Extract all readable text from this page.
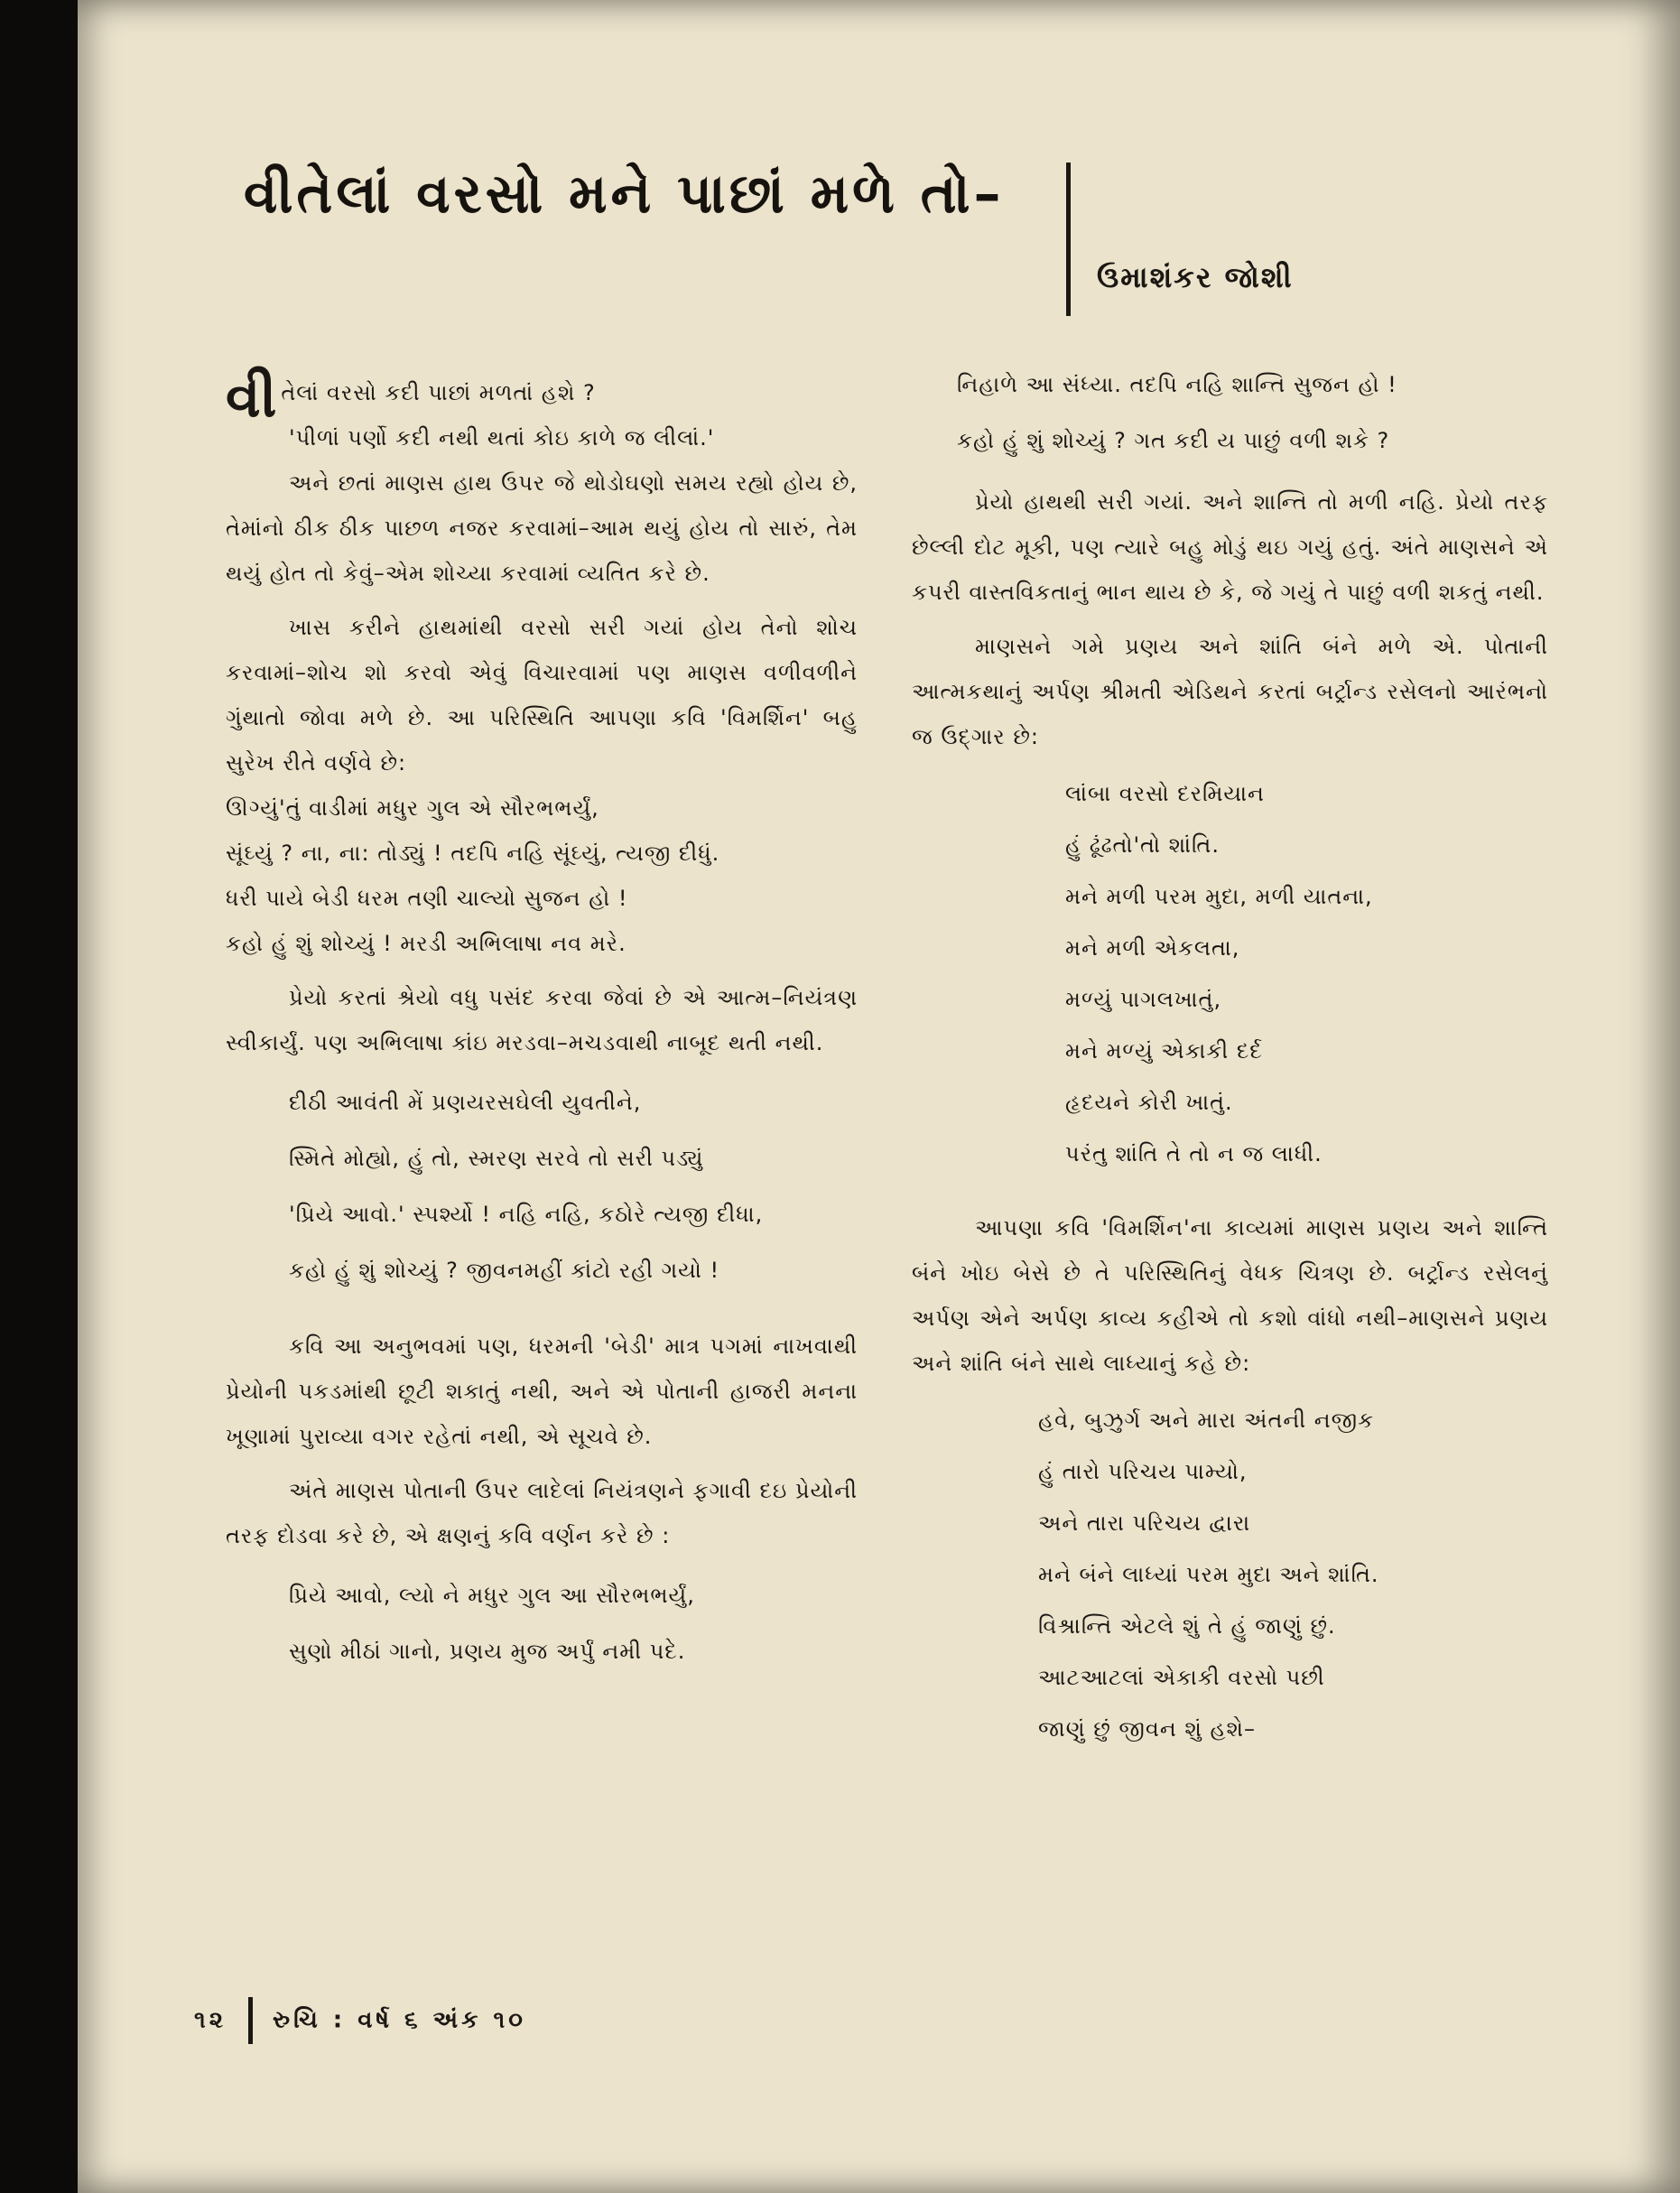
વીતેલાં વરસો મને પાછાં મળે તો–
ઉમાશંકર જોશી

વીતેલાં વરસો કદી પાછાં મળતાં હશે ?

'પીળાં પર્ણો કદી નથી થતાં કોઇ કાળે જ લીલાં.'

અને છતાં માણસ હાથ ઉપર જે થોડોઘણો સમય રહ્યો હોય છે, તેમાંનો ઠીક ઠીક પાછળ નજર કરવામાં–આમ થયું હોય તો સારું, તેમ થયું હોત તો કેવું–એમ શોચ્યા કરવામાં વ્યતિત કરે છે.

ખાસ કરીને હાથમાંથી વરસો સરી ગયાં હોય તેનો શોચ કરવામાં–શોચ શો કરવો એવું વિચારવામાં પણ માણસ વળીવળીને ગુંથાતો જોવા મળે છે. આ પરિસ્થિતિ આપણા કવિ 'વિમર્શિન' બહુ સુરેખ રીતે વર્ણવે છે:

ઊગ્યું'તું વાડીમાં મધુર ગુલ એ સૌરભભર્યું,

સૂંઘ્યું ? ના, ના: તોડ્યું ! તદપિ નહિ સૂંઘ્યું, ત્યજી દીધું.

ધરી પાયે બેડી ધરમ તણી ચાલ્યો સુજન હો !

કહો હું શું શોચ્યું ! મરડી અભિલાષા નવ મરે.

પ્રેયો કરતાં શ્રેયો વધુ પસંદ કરવા જેવાં છે એ આત્મ–નિયંત્રણ સ્વીકાર્યું. પણ અભિલાષા કાંઇ મરડવા–મચડવાથી નાબૂદ થતી નથી.

દીઠી આવંતી મેં પ્રણયરસઘેલી યુવતીને,

સ્મિતે મોહ્યો, હું તો, સ્મરણ સરવે તો સરી પડ્યું

'પ્રિયે આવો.' સ્પર્શ્યો ! નહિ નહિ, કઠોરે ત્યજી દીધા,

કહો હું શું શોચ્યું ? જીવનમહીં કાંટો રહી ગયો !

કવિ આ અનુભવમાં પણ, ધરમની 'બેડી' માત્ર પગમાં નાખવાથી પ્રેયોની પકડમાંથી છૂટી શકાતું નથી, અને એ પોતાની હાજરી મનના ખૂણામાં પુરાવ્યા વગર રહેતાં નથી, એ સૂચવે છે.

અંતે માણસ પોતાની ઉપર લાદેલાં નિયંત્રણને ફગાવી દઇ પ્રેયોની તરફ દોડવા કરે છે, એ ક્ષણનું કવિ વર્ણન કરે છે :

પ્રિયે આવો, લ્યો ને મધુર ગુલ આ સૌરભભર્યું,

સુણો મીઠાં ગાનો, પ્રણય મુજ અર્પું નમી પદે.

નિહાળે આ સંધ્યા. તદપિ નહિ શાન્તિ સુજન હો !

કહો હું શું શોચ્યું ? ગત કદી ય પાછું વળી શકે ?

પ્રેયો હાથથી સરી ગયાં. અને શાન્તિ તો મળી નહિ. પ્રેયો તરફ છેલ્લી દોટ મૂકી, પણ ત્યારે બહુ મોડું થઇ ગયું હતું. અંતે માણસને એ કપરી વાસ્તવિકતાનું ભાન થાય છે કે, જે ગયું તે પાછું વળી શકતું નથી.

માણસને ગમે પ્રણય અને શાંતિ બંને મળે એ. પોતાની આત્મકથાનું અર્પણ શ્રીમતી એડિથને કરતાં બર્ટ્રાન્ડ રસેલનો આરંભનો જ ઉદ્ગાર છે:

લાંબા વરસો દરમિયાન

હું ઢૂંઢતો'તો શાંતિ.

મને મળી પરમ મુદા, મળી યાતના,

મને મળી એકલતા,

મળ્યું પાગલખાતું,

મને મળ્યું એકાકી દર્દ

હૃદયને કોરી ખાતું.

પરંતુ શાંતિ તે તો ન જ લાધી.

આપણા કવિ 'વિમર્શિન'ના કાવ્યમાં માણસ પ્રણય અને શાન્તિ બંને ખોઇ બેસે છે તે પરિસ્થિતિનું વેધક ચિત્રણ છે. બર્ટ્રાન્ડ રસેલનું અર્પણ એને અર્પણ કાવ્ય કહીએ તો કશો વાંધો નથી–માણસને પ્રણય અને શાંતિ બંને સાથે લાધ્યાનું કહે છે:

હવે, બુઝુર્ગ અને મારા અંતની નજીક

હું તારો પરિચય પામ્યો,

અને તારા પરિચય દ્વારા

મને બંને લાધ્યાં પરમ મુદા અને શાંતિ.

વિશ્રાન્તિ એટલે શું તે હું જાણું છું.

આટઆટલાં એકાકી વરસો પછી

જાણું છું જીવન શું હશે–

૧૨ રુચિ : વર્ષ ૬ અંક ૧૦
